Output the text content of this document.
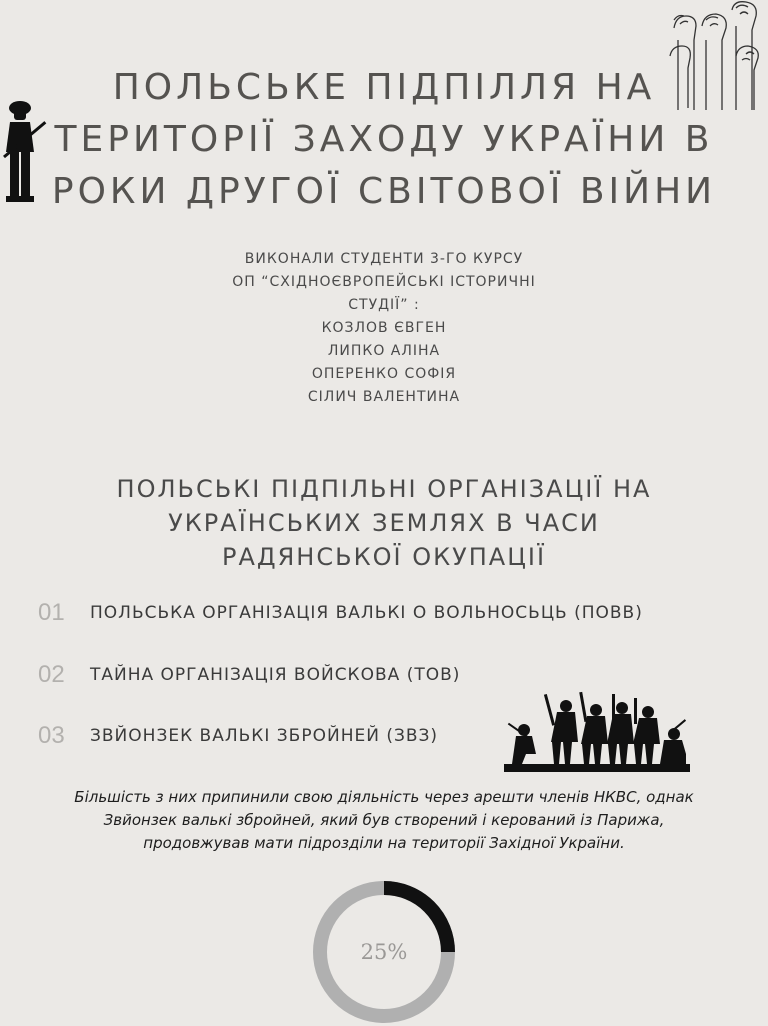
ПОЛЬСЬКЕ ПІДПІЛЛЯ НА
ТЕРИТОРІЇ ЗАХОДУ УКРАЇНИ В
РОКИ ДРУГОЇ СВІТОВОЇ ВІЙНИ
ВИКОНАЛИ СТУДЕНТИ 3-ГО КУРСУ
ОП “СХІДНОЄВРОПЕЙСЬКІ ІСТОРИЧНІ
СТУДІЇ” :
КОЗЛОВ ЄВГЕН
ЛИПКО АЛІНА
ОПЕРЕНКО СОФІЯ
СІЛИЧ ВАЛЕНТИНА
ПОЛЬСЬКІ ПІДПІЛЬНІ ОРГАНІЗАЦІЇ НА
УКРАЇНСЬКИХ ЗЕМЛЯХ В ЧАСИ
РАДЯНСЬКОЇ ОКУПАЦІЇ
01	ПОЛЬСЬКА ОРГАНІЗАЦІЯ ВАЛЬКІ О ВОЛЬНОСЬЦЬ (ПОВВ)
02	ТАЙНА ОРГАНІЗАЦІЯ ВОЙСКОВА (ТОВ)
03	ЗВЙОНЗЕК ВАЛЬКІ ЗБРОЙНЕЙ (ЗВЗ)
Більшість з них припинили свою діяльність через арешти членів НКВС, однак
Звйонзек валькі збройней, який був створений і керований із Парижа,
продовжував мати підрозділи на території Західної України.
25%
